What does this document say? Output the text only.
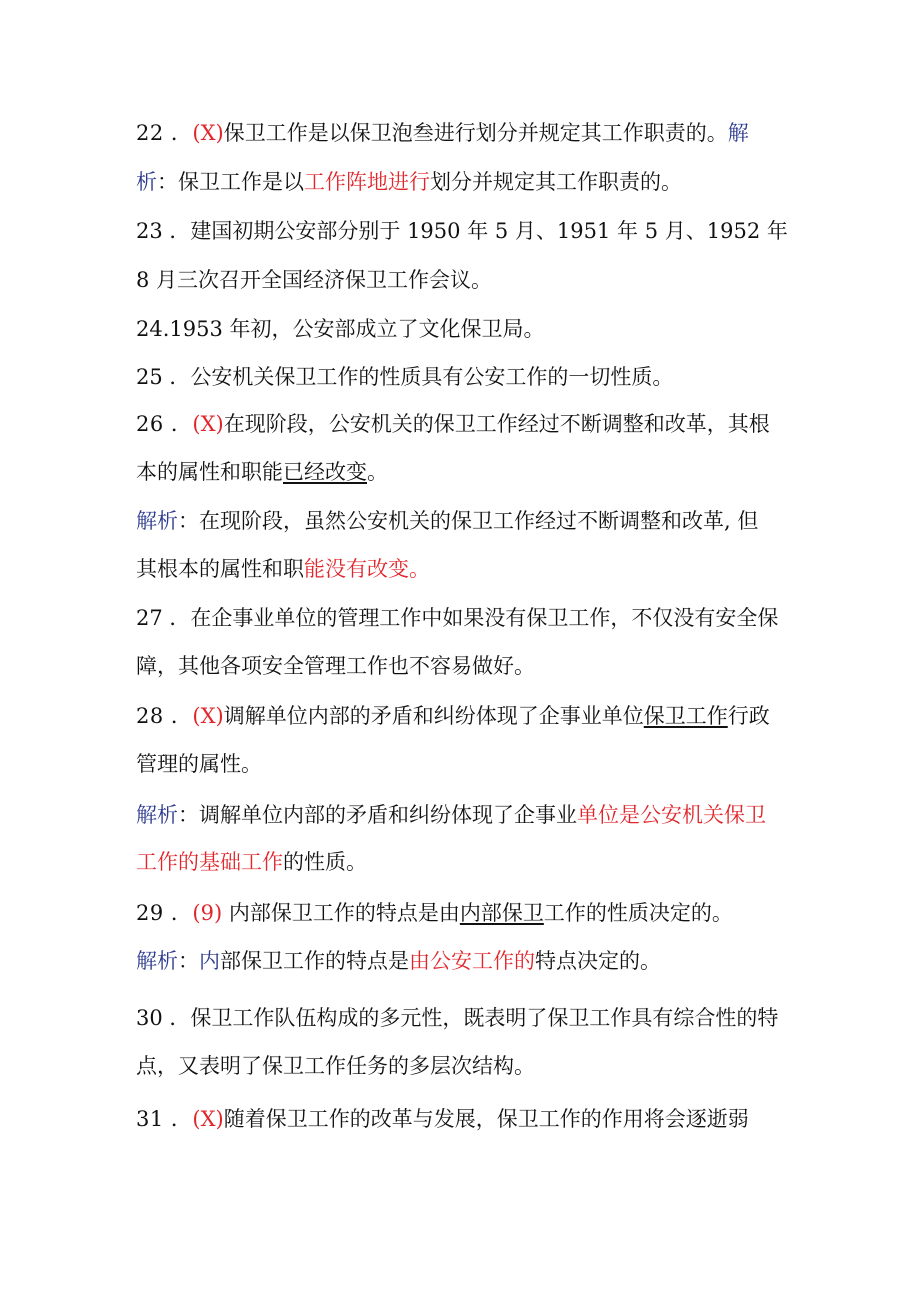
22 ．(X)保卫工作是以保卫泡叁进行划分并规定其工作职责的。解
析：保卫工作是以工作阵地进行划分并规定其工作职责的。
23 ．建国初期公安部分别于 1950 年 5 月、1951 年 5 月、1952 年
8 月三次召开全国经济保卫工作会议。
24.1953 年初，公安部成立了文化保卫局。
25 ．公安机关保卫工作的性质具有公安工作的一切性质。
26 ．(X)在现阶段，公安机关的保卫工作经过不断调整和改革，其根
本的属性和职能已经改变。
解析：在现阶段，虽然公安机关的保卫工作经过不断调整和改革, 但
其根本的属性和职能没有改变。
27 ．在企事业单位的管理工作中如果没有保卫工作，不仅没有安全保
障，其他各项安全管理工作也不容易做好。
28 ．(X)调解单位内部的矛盾和纠纷体现了企事业单位保卫工作行政
管理的属性。
解析：调解单位内部的矛盾和纠纷体现了企事业单位是公安机关保卫
工作的基础工作的性质。
29 ．(9) 内部保卫工作的特点是由内部保卫工作的性质决定的。
解析：内部保卫工作的特点是由公安工作的特点决定的。
30 ．保卫工作队伍构成的多元性，既表明了保卫工作具有综合性的特
点，又表明了保卫工作任务的多层次结构。
31 ．(X)随着保卫工作的改革与发展，保卫工作的作用将会逐逝弱
